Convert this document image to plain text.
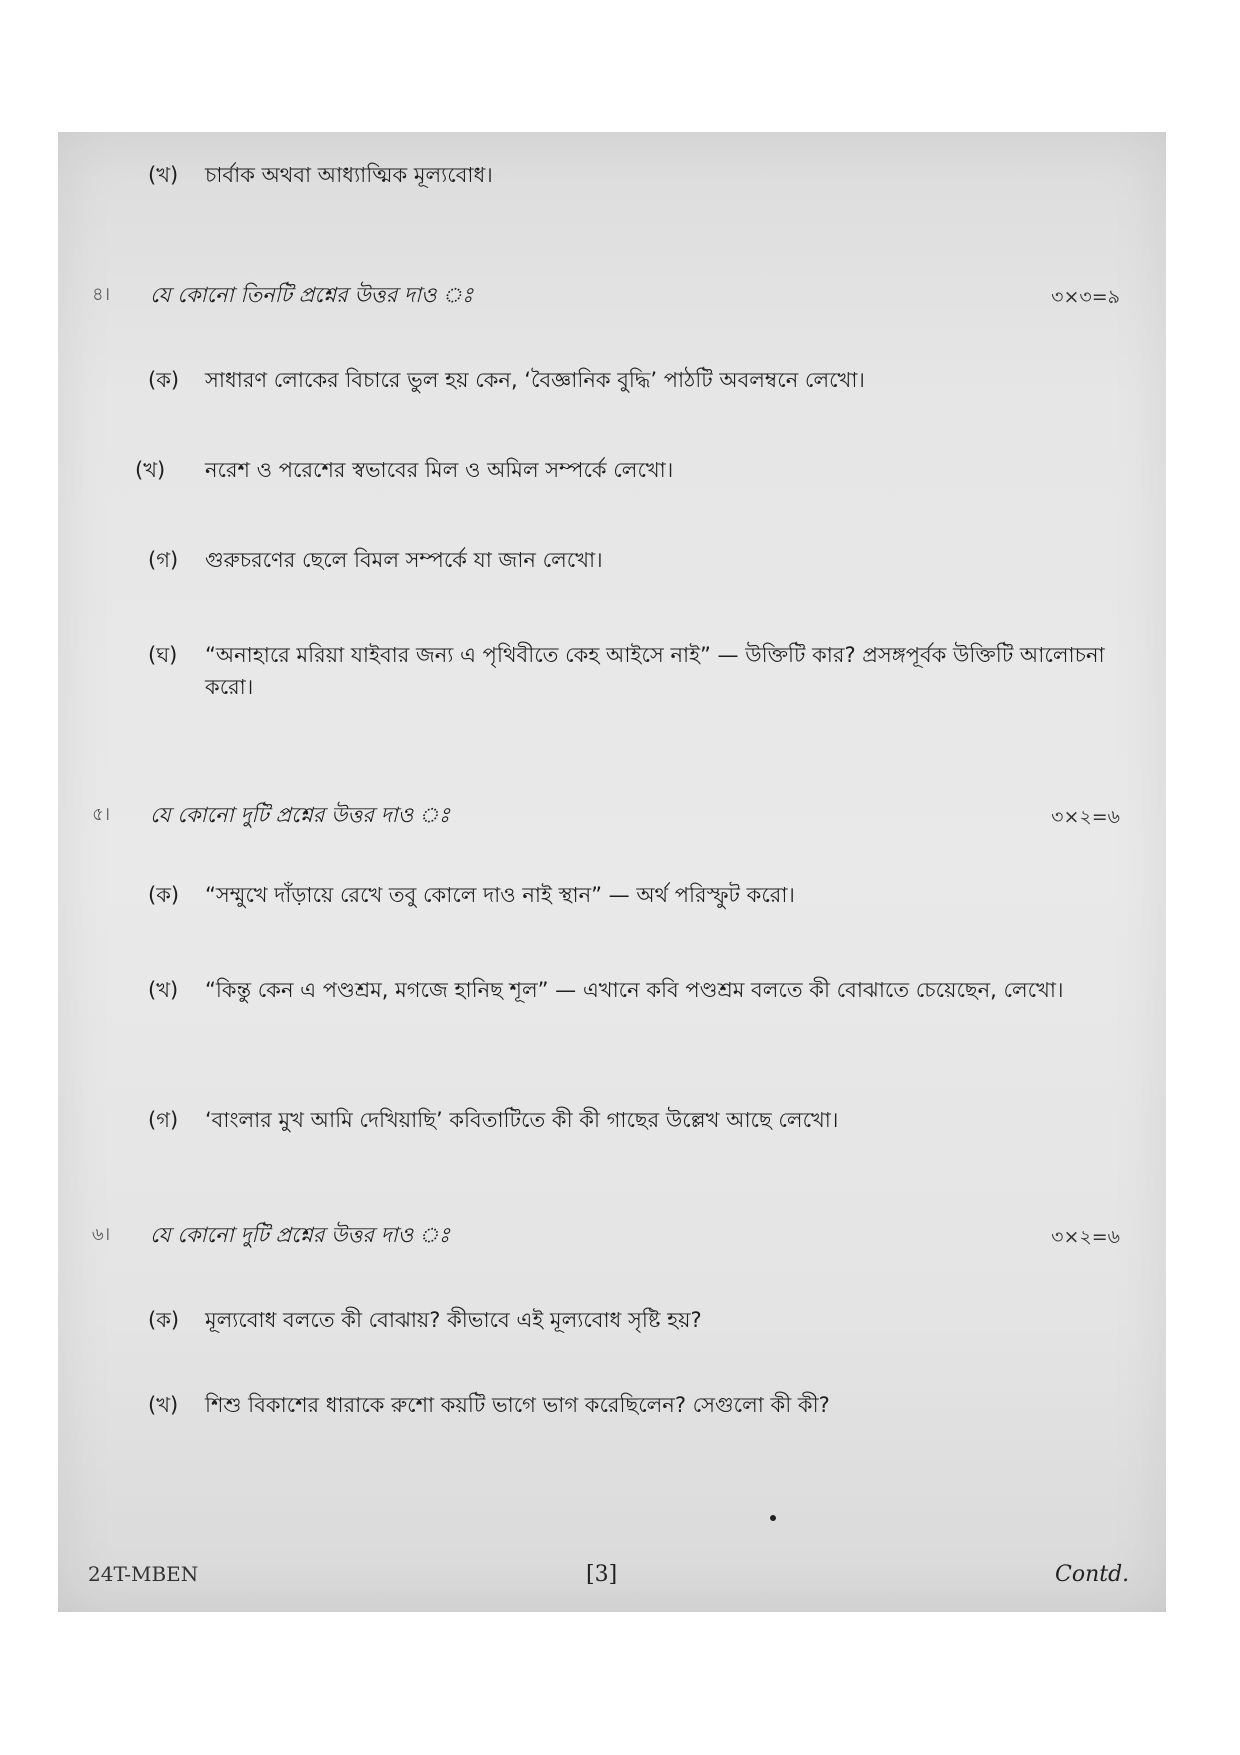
(খ) চার্বাক অথবা আধ্যাত্মিক মূল্যবোধ।
৪। যে কোনো তিনটি প্রশ্নের উত্তর দাও ঃ	৩×৩=৯
(ক) সাধারণ লোকের বিচারে ভুল হয় কেন, ‘বৈজ্ঞানিক বুদ্ধি’ পাঠটি অবলম্বনে লেখো।
(খ) নরেশ ও পরেশের স্বভাবের মিল ও অমিল সম্পর্কে লেখো।
(গ) গুরুচরণের ছেলে বিমল সম্পর্কে যা জান লেখো।
(ঘ) “অনাহারে মরিয়া যাইবার জন্য এ পৃথিবীতে কেহ আইসে নাই” — উক্তিটি কার? প্রসঙ্গপূর্বক উক্তিটি আলোচনা করো।
৫। যে কোনো দুটি প্রশ্নের উত্তর দাও ঃ	৩×২=৬
(ক) “সম্মুখে দাঁড়ায়ে রেখে তবু কোলে দাও নাই স্থান” — অর্থ পরিস্ফুট করো।
(খ) “কিন্তু কেন এ পণ্ডশ্রম, মগজে হানিছ শূল” — এখানে কবি পণ্ডশ্রম বলতে কী বোঝাতে চেয়েছেন, লেখো।
(গ) ‘বাংলার মুখ আমি দেখিয়াছি’ কবিতাটিতে কী কী গাছের উল্লেখ আছে লেখো।
৬। যে কোনো দুটি প্রশ্নের উত্তর দাও ঃ	৩×২=৬
(ক) মূল্যবোধ বলতে কী বোঝায়? কীভাবে এই মূল্যবোধ সৃষ্টি হয়?
(খ) শিশু বিকাশের ধারাকে রুশো কয়টি ভাগে ভাগ করেছিলেন? সেগুলো কী কী?
24T-MBEN	[3]	Contd.
